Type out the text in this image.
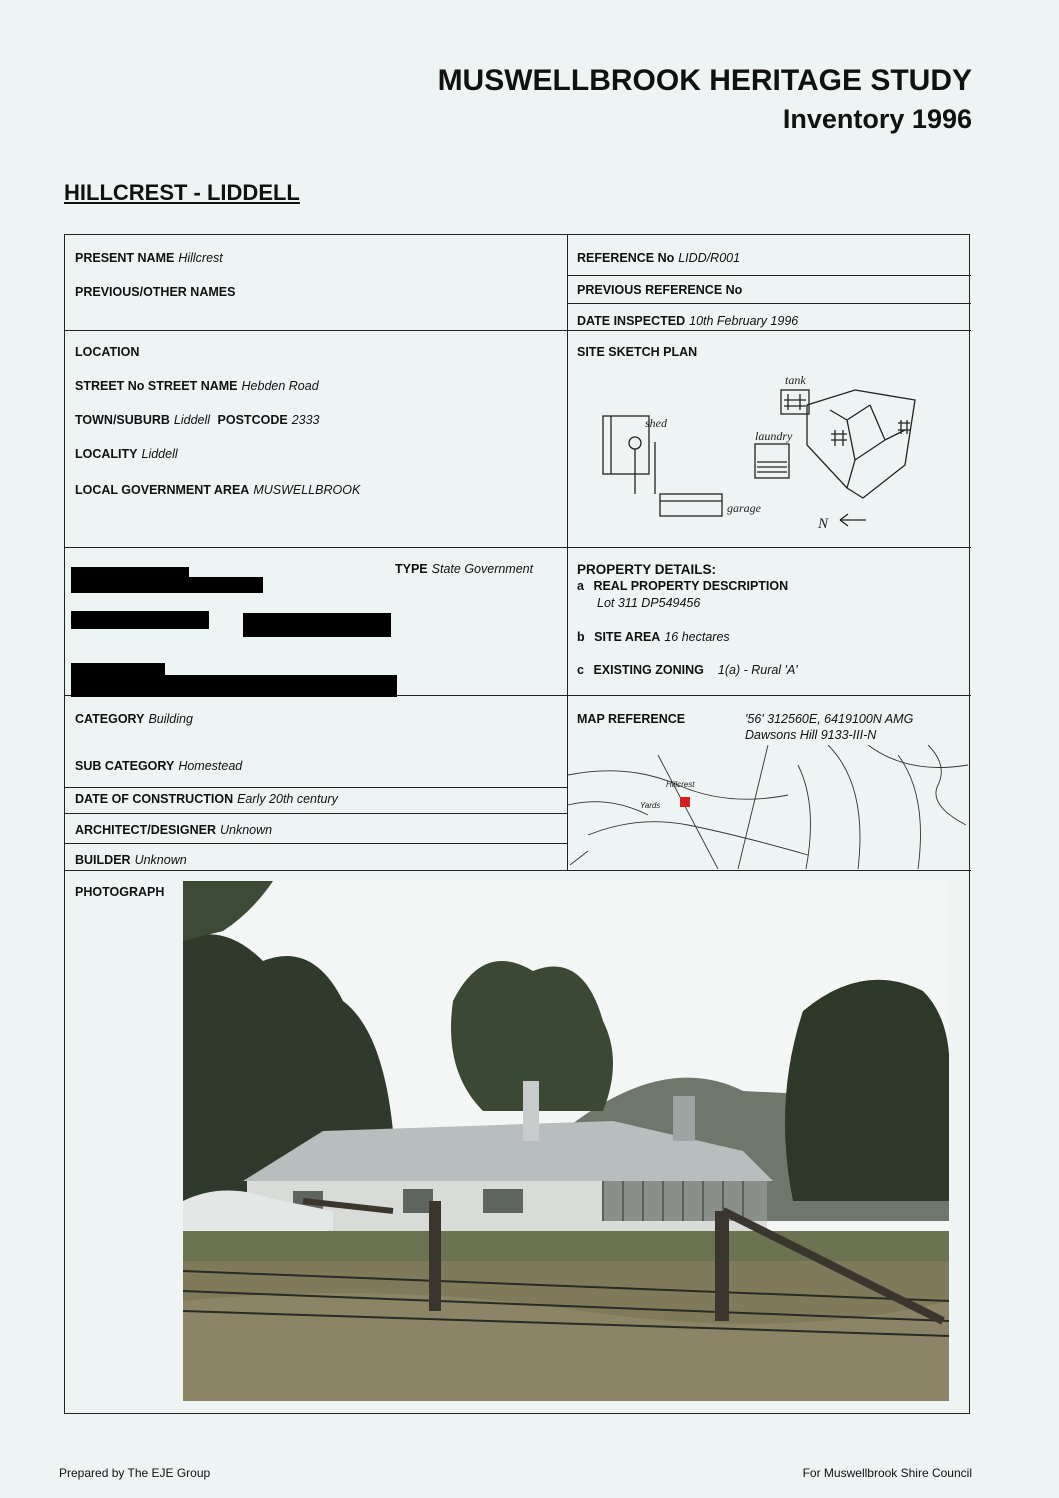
MUSWELLBROOK HERITAGE STUDY
Inventory 1996
HILLCREST - LIDDELL
PRESENT NAME Hillcrest
PREVIOUS/OTHER NAMES
REFERENCE No LIDD/R001
PREVIOUS REFERENCE No
DATE INSPECTED 10th February 1996
LOCATION
STREET No STREET NAME Hebden Road
TOWN/SUBURB Liddell POSTCODE 2333
LOCALITY Liddell
LOCAL GOVERNMENT AREA MUSWELLBROOK
SITE SKETCH PLAN
tank
shed
laundry
garage
N
TYPE State Government	PROPERTY DETAILS:
a REAL PROPERTY DESCRIPTION
Lot 311 DP549456
b SITE AREA 16 hectares
c EXISTING ZONING 1(a) - Rural 'A'
CATEGORY Building
SUB CATEGORY Homestead
DATE OF CONSTRUCTION Early 20th century
ARCHITECT/DESIGNER Unknown
BUILDER Unknown
MAP REFERENCE	'56' 312560E, 6419100N AMG
Dawsons Hill 9133-III-N
Hillcrest
Yards
PHOTOGRAPH
Prepared by The EJE Group	For Muswellbrook Shire Council
